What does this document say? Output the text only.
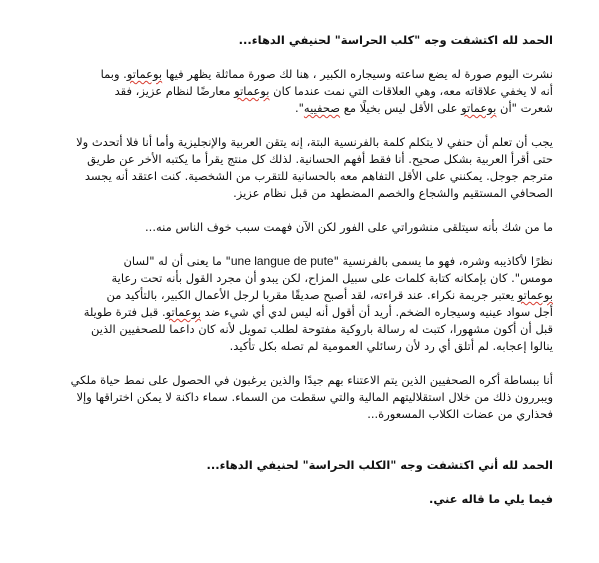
الحمد لله اكتشفت وجه "كلب الحراسة" لحنيفي الدهاء...

نشرت اليوم صورة له يضع ساعته وسيجاره الكبير ، هنا لك صورة مماثلة يظهر فيها بوعماتو. وبما
أنه لا يخفي علاقاته معه، وهي العلاقات التي نمت عندما كان بوعماتو معارضًا لنظام عزيز، فقد
شعرت "أن بوعماتو على الأقل ليس بخيلًا مع صحفييه".

يجب أن تعلم أن حنفي لا يتكلم كلمة بالفرنسية البتة، إنه يتقن العربية والإنجليزية وأما أنا فلا أتحدث ولا
حتى أقرأ العربية بشكل صحيح. أنا فقط أفهم الحسانية. لذلك كل منتج يقرأ ما يكتبه الأخر عن طريق
مترجم جوجل. يمكنني على الأقل التفاهم معه بالحسانية للتقرب من الشخصية. كنت اعتقد أنه يجسد
الصحافي المستقيم والشجاع والخصم المضطهد من قبل نظام عزيز.

ما من شك بأنه سيتلقى منشوراتي على الفور لكن الآن فهمت سبب خوف الناس منه...

نظرًا لأكاذيبه وشره، فهو ما يسمى بالفرنسية "une langue de pute" ما يعنى أن له "لسان
مومس". كان بإمكانه كتابة كلمات على سبيل المزاح، لكن يبدو أن مجرد القول بأنه تحت رعاية
بوعماتو يعتبر جريمة نكراء. عند قراءته، لقد أصبح صديقًا مقربا لرجل الأعمال الكبير، بالتأكيد من
أجل سواد عينيه وسيجاره الضخم. أريد أن أقول أنه ليس لدي أي شيء ضد بوعماتو. قبل فترة طويلة
قبل أن أكون مشهورا، كتبت له رسالة باروكية مفتوحة لطلب تمويل لأنه كان داعما للصحفيين الذين
ينالوا إعجابه. لم أتلق أي رد لأن رسائلي العمومية لم تصله بكل تأكيد.

أنا ببساطة أكره الصحفيين الذين يتم الاعتناء بهم جيدًا والذين يرغبون في الحصول على نمط حياة ملكي
ويبررون ذلك من خلال استقلاليتهم المالية والتي سقطت من السماء. سماء داكنة لا يمكن اختراقها وإلا
فحذاري من عضات الكلاب المسعورة...

الحمد لله أني اكتشفت وجه "الكلب الحراسة" لحنيفي الدهاء...

فيما يلي ما قاله عني.
